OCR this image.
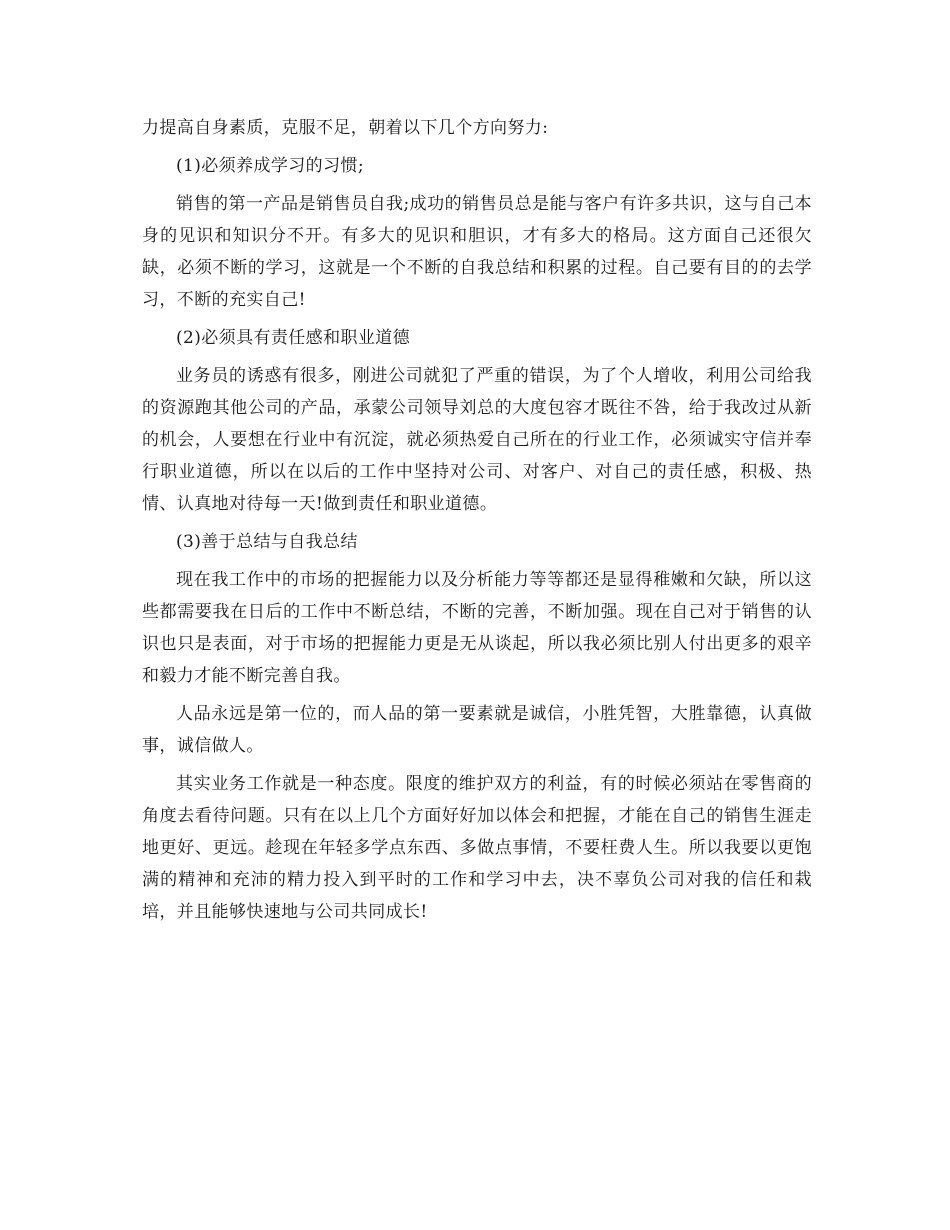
力提高自身素质，克服不足，朝着以下几个方向努力:

(1)必须养成学习的习惯;

销售的第一产品是销售员自我;成功的销售员总是能与客户有许多共识，这与自己本身的见识和知识分不开。有多大的见识和胆识，才有多大的格局。这方面自己还很欠缺，必须不断的学习，这就是一个不断的自我总结和积累的过程。自己要有目的的去学习，不断的充实自己!

(2)必须具有责任感和职业道德

业务员的诱惑有很多，刚进公司就犯了严重的错误，为了个人增收，利用公司给我的资源跑其他公司的产品，承蒙公司领导刘总的大度包容才既往不咎，给于我改过从新的机会，人要想在行业中有沉淀，就必须热爱自己所在的行业工作，必须诚实守信并奉行职业道德，所以在以后的工作中坚持对公司、对客户、对自己的责任感，积极、热情、认真地对待每一天!做到责任和职业道德。

(3)善于总结与自我总结

现在我工作中的市场的把握能力以及分析能力等等都还是显得稚嫩和欠缺，所以这些都需要我在日后的工作中不断总结，不断的完善，不断加强。现在自己对于销售的认识也只是表面，对于市场的把握能力更是无从谈起，所以我必须比别人付出更多的艰辛和毅力才能不断完善自我。

人品永远是第一位的，而人品的第一要素就是诚信，小胜凭智，大胜靠德，认真做事，诚信做人。

其实业务工作就是一种态度。限度的维护双方的利益，有的时候必须站在零售商的角度去看待问题。只有在以上几个方面好好加以体会和把握，才能在自己的销售生涯走地更好、更远。趁现在年轻多学点东西、多做点事情，不要枉费人生。所以我要以更饱满的精神和充沛的精力投入到平时的工作和学习中去，决不辜负公司对我的信任和栽培，并且能够快速地与公司共同成长!
